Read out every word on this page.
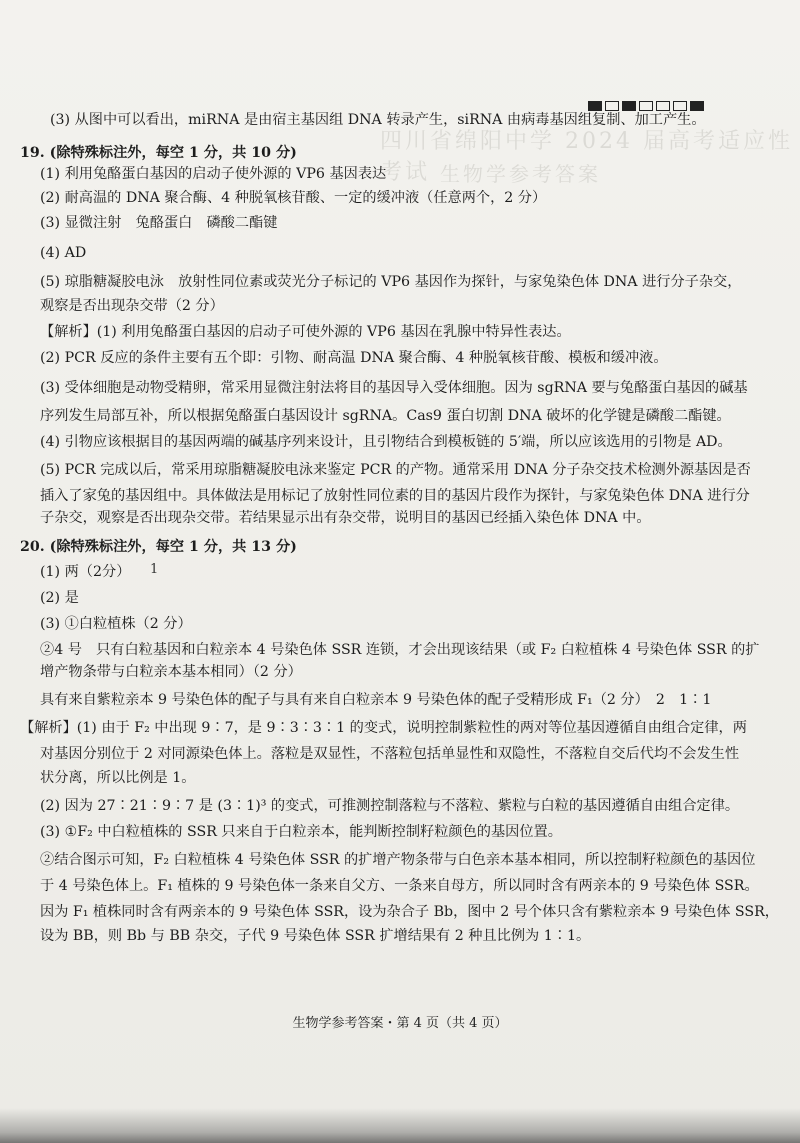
四川省绵阳中学 2024 届高考适应性考试 生物学参考答案
(3) 从图中可以看出，miRNA 是由宿主基因组 DNA 转录产生，siRNA 由病毒基因组复制、加工产生。
19. (除特殊标注外，每空 1 分，共 10 分)
(1) 利用兔酪蛋白基因的启动子使外源的 VP6 基因表达
(2) 耐高温的 DNA 聚合酶、4 种脱氧核苷酸、一定的缓冲液（任意两个，2 分）
(3) 显微注射　兔酪蛋白　磷酸二酯键
(4) AD
(5) 琼脂糖凝胶电泳　放射性同位素或荧光分子标记的 VP6 基因作为探针，与家兔染色体 DNA 进行分子杂交，
观察是否出现杂交带（2 分）
【解析】(1) 利用兔酪蛋白基因的启动子可使外源的 VP6 基因在乳腺中特异性表达。
(2) PCR 反应的条件主要有五个即：引物、耐高温 DNA 聚合酶、4 种脱氧核苷酸、模板和缓冲液。
(3) 受体细胞是动物受精卵，常采用显微注射法将目的基因导入受体细胞。因为 sgRNA 要与兔酪蛋白基因的碱基
序列发生局部互补，所以根据兔酪蛋白基因设计 sgRNA。Cas9 蛋白切割 DNA 破坏的化学键是磷酸二酯键。
(4) 引物应该根据目的基因两端的碱基序列来设计，且引物结合到模板链的 5′端，所以应该选用的引物是 AD。
(5) PCR 完成以后，常采用琼脂糖凝胶电泳来鉴定 PCR 的产物。通常采用 DNA 分子杂交技术检测外源基因是否
插入了家兔的基因组中。具体做法是用标记了放射性同位素的目的基因片段作为探针，与家兔染色体 DNA 进行分
子杂交，观察是否出现杂交带。若结果显示出有杂交带，说明目的基因已经插入染色体 DNA 中。
20. (除特殊标注外，每空 1 分，共 13 分)
(1) 两（2分） 1
(2) 是
(3) ①白粒植株（2 分）
②4 号　只有白粒基因和白粒亲本 4 号染色体 SSR 连锁，才会出现该结果（或 F₂ 白粒植株 4 号染色体 SSR 的扩
增产物条带与白粒亲本基本相同）（2 分）
具有来自紫粒亲本 9 号染色体的配子与具有来自白粒亲本 9 号染色体的配子受精形成 F₁（2 分）　2　1∶1
【解析】(1) 由于 F₂ 中出现 9∶7，是 9∶3∶3∶1 的变式，说明控制紫粒性的两对等位基因遵循自由组合定律，两
对基因分别位于 2 对同源染色体上。落粒是双显性，不落粒包括单显性和双隐性，不落粒自交后代均不会发生性
状分离，所以比例是 1。
(2) 因为 27∶21∶9∶7 是 (3∶1)³ 的变式，可推测控制落粒与不落粒、紫粒与白粒的基因遵循自由组合定律。
(3) ①F₂ 中白粒植株的 SSR 只来自于白粒亲本，能判断控制籽粒颜色的基因位置。
②结合图示可知，F₂ 白粒植株 4 号染色体 SSR 的扩增产物条带与白色亲本基本相同，所以控制籽粒颜色的基因位
于 4 号染色体上。F₁ 植株的 9 号染色体一条来自父方、一条来自母方，所以同时含有两亲本的 9 号染色体 SSR。
因为 F₁ 植株同时含有两亲本的 9 号染色体 SSR，设为杂合子 Bb，图中 2 号个体只含有紫粒亲本 9 号染色体 SSR，
设为 BB，则 Bb 与 BB 杂交，子代 9 号染色体 SSR 扩增结果有 2 种且比例为 1∶1。
生物学参考答案・第 4 页（共 4 页）
